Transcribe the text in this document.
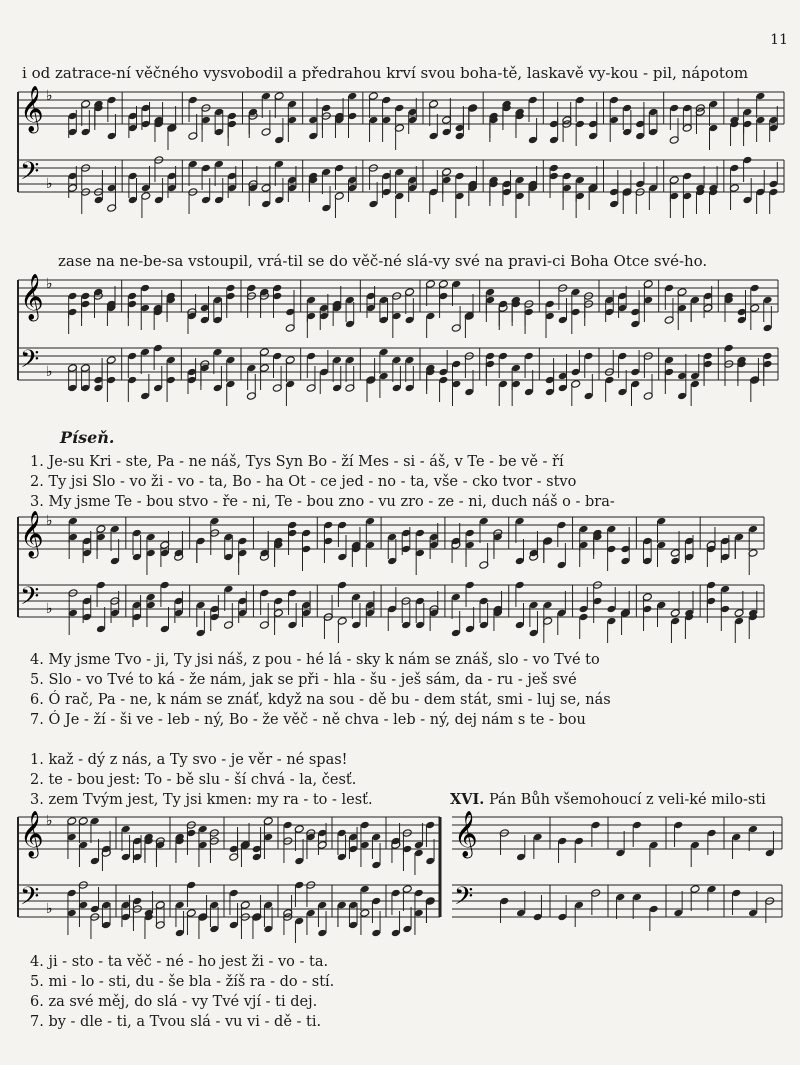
11
i od zatrace-ní věčného vysvobodil a předrahou krví svou boha-tě, laskavě vy-kou - pil, nápotom
𝄞
𝄢
♭
♭
zase na ne-be-sa vstoupil, vrá-til se do věč-né slá-vy své na pravi-ci Boha Otce své-ho.
𝄞
𝄢
♭
♭
Píseň.
1. Je-su Kri - ste, Pa - ne náš, Tys Syn Bo - ží Mes - si - áš, v Te - be vě - ří
2. Ty jsi Slo - vo ži - vo - ta, Bo - ha Ot - ce jed - no - ta, vše - cko tvor - stvo
3. My jsme Te - bou stvo - ře - ni, Te - bou zno - vu zro - ze - ni, duch náš o - bra-
𝄞
𝄢
♭
♭
4. My jsme Tvo - ji, Ty jsi náš, z pou - hé lá - sky k nám se znáš, slo - vo Tvé to
5. Slo - vo Tvé to ká - že nám, jak se při - hla - šu - ješ sám, da - ru - ješ své
6. Ó rač, Pa - ne, k nám se znáť, když na sou - dě bu - dem stát, smi - luj se, nás
7. Ó Je - ží - ši ve - leb - ný, Bo - že věč - ně chva - leb - ný, dej nám s te - bou
1. kaž - dý z nás, a Ty svo - je věr - né spas!
2. te - bou jest: To - bě slu - ší chvá - la, česť.
3. zem Tvým jest, Ty jsi kmen: my ra - to - lesť.	XVI. Pán Bůh všemohoucí z veli-ké milo-sti
𝄞
𝄢
♭
♭
𝄞
𝄢
4. ji - sto - ta věč - né - ho jest ži - vo - ta.
5. mi - lo - sti, du - še bla - žíš ra - do - stí.
6. za své měj, do slá - vy Tvé vjí - ti dej.
7. by - dle - ti, a Tvou slá - vu vi - dě - ti.
